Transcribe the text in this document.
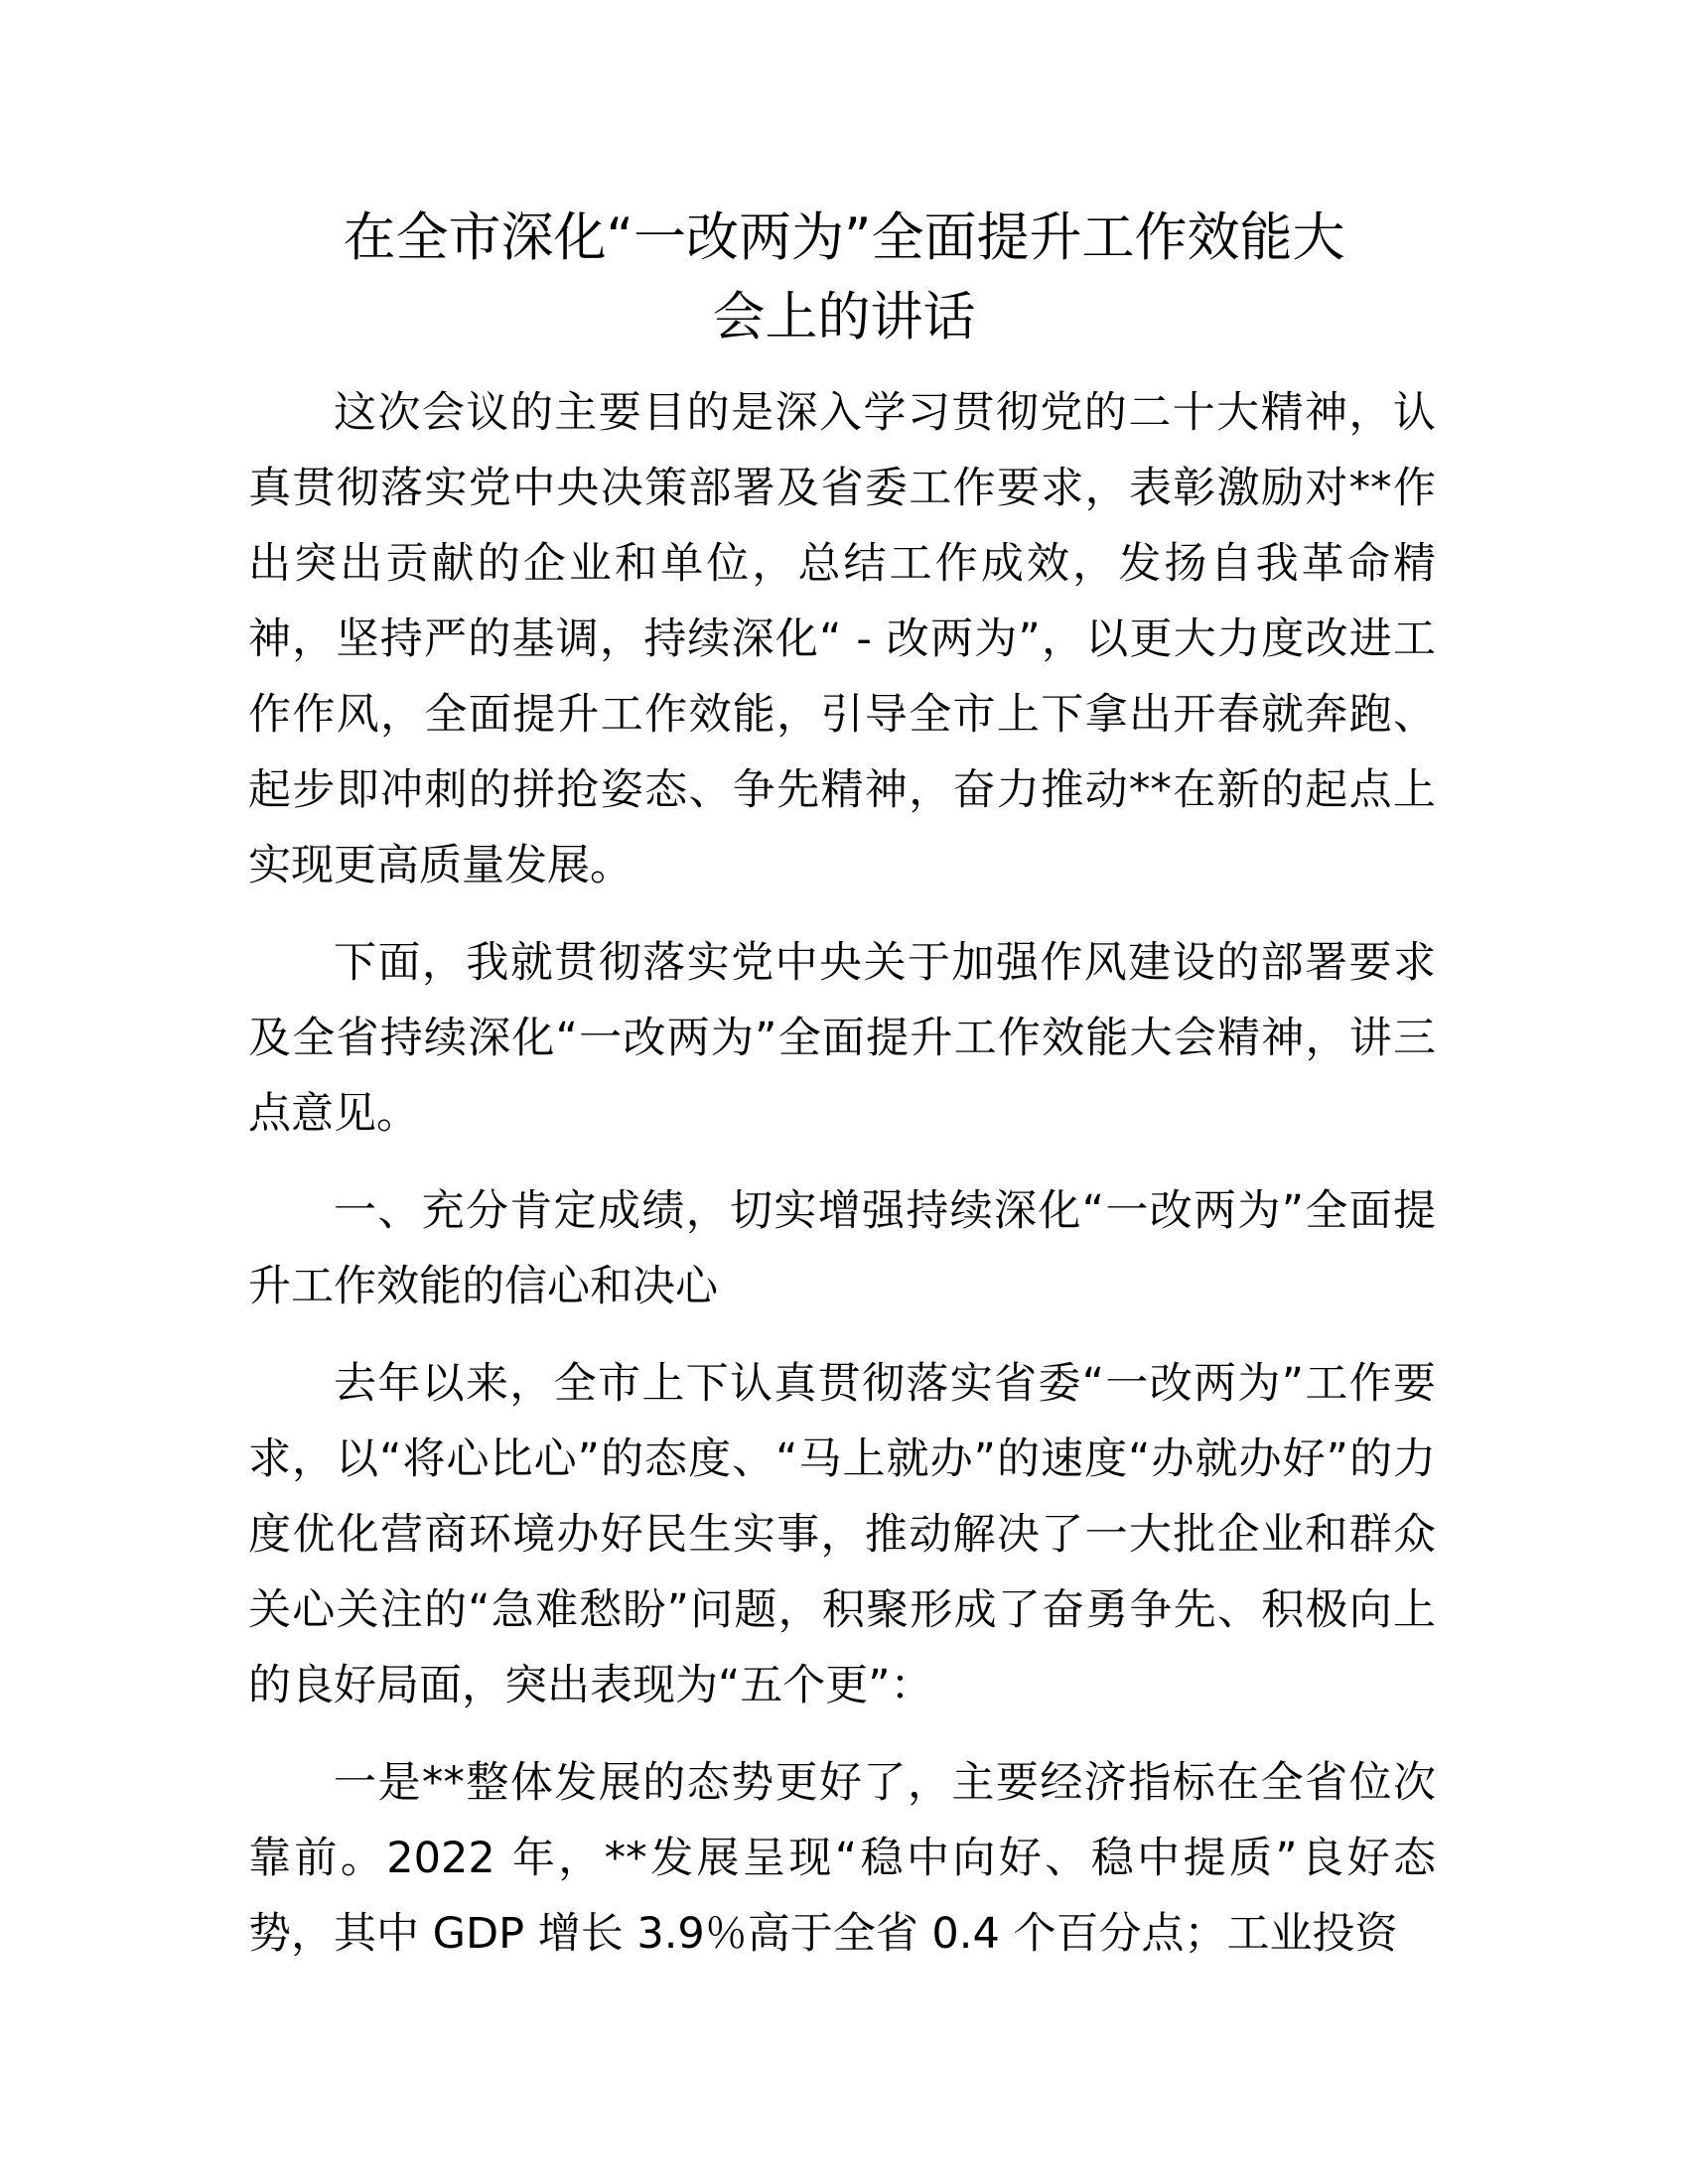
在全市深化“一改两为”全面提升工作效能大
会上的讲话

这次会议的主要目的是深入学习贯彻党的二十大精神，认真贯彻落实党中央决策部署及省委工作要求，表彰激励对**作出突出贡献的企业和单位，总结工作成效，发扬自我革命精神，坚持严的基调，持续深化“ - 改两为”，以更大力度改进工作作风，全面提升工作效能，引导全市上下拿出开春就奔跑、起步即冲刺的拼抢姿态、争先精神，奋力推动**在新的起点上实现更高质量发展。

下面，我就贯彻落实党中央关于加强作风建设的部署要求及全省持续深化“一改两为”全面提升工作效能大会精神，讲三点意见。

一、充分肯定成绩，切实增强持续深化“一改两为”全面提升工作效能的信心和决心

去年以来，全市上下认真贯彻落实省委“一改两为”工作要求，以“将心比心”的态度、“马上就办”的速度“办就办好”的力度优化营商环境办好民生实事，推动解决了一大批企业和群众关心关注的“急难愁盼”问题，积聚形成了奋勇争先、积极向上的良好局面，突出表现为“五个更”：

一是**整体发展的态势更好了，主要经济指标在全省位次靠前。2022 年，**发展呈现“稳中向好、稳中提质”良好态势，其中 GDP 增长 3.9％高于全省 0.4 个百分点；工业投资
